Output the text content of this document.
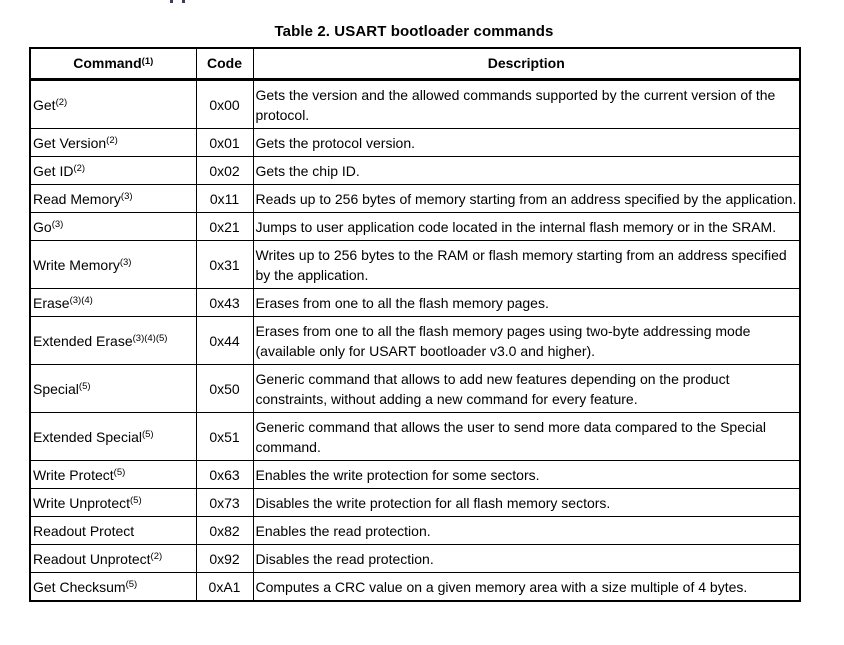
Table 2. USART bootloader commands
Command$^{(1)}$	Code	Description
Get$^{(2)}$	0x00	Gets the version and the allowed commands supported by the current version of the protocol.
Get Version$^{(2)}$	0x01	Gets the protocol version.
Get ID$^{(2)}$	0x02	Gets the chip ID.
Read Memory$^{(3)}$	0x11	Reads up to 256 bytes of memory starting from an address specified by the application.
Go$^{(3)}$	0x21	Jumps to user application code located in the internal flash memory or in the SRAM.
Write Memory$^{(3)}$	0x31	Writes up to 256 bytes to the RAM or flash memory starting from an address specified by the application.
Erase$^{(3)(4)}$	0x43	Erases from one to all the flash memory pages.
Extended Erase$^{(3)(4)(5)}$	0x44	Erases from one to all the flash memory pages using two-byte addressing mode (available only for USART bootloader v3.0 and higher).
Special$^{(5)}$	0x50	Generic command that allows to add new features depending on the product constraints, without adding a new command for every feature.
Extended Special$^{(5)}$	0x51	Generic command that allows the user to send more data compared to the Special command.
Write Protect$^{(5)}$	0x63	Enables the write protection for some sectors.
Write Unprotect$^{(5)}$	0x73	Disables the write protection for all flash memory sectors.
Readout Protect	0x82	Enables the read protection.
Readout Unprotect$^{(2)}$	0x92	Disables the read protection.
Get Checksum$^{(5)}$	0xA1	Computes a CRC value on a given memory area with a size multiple of 4 bytes.
